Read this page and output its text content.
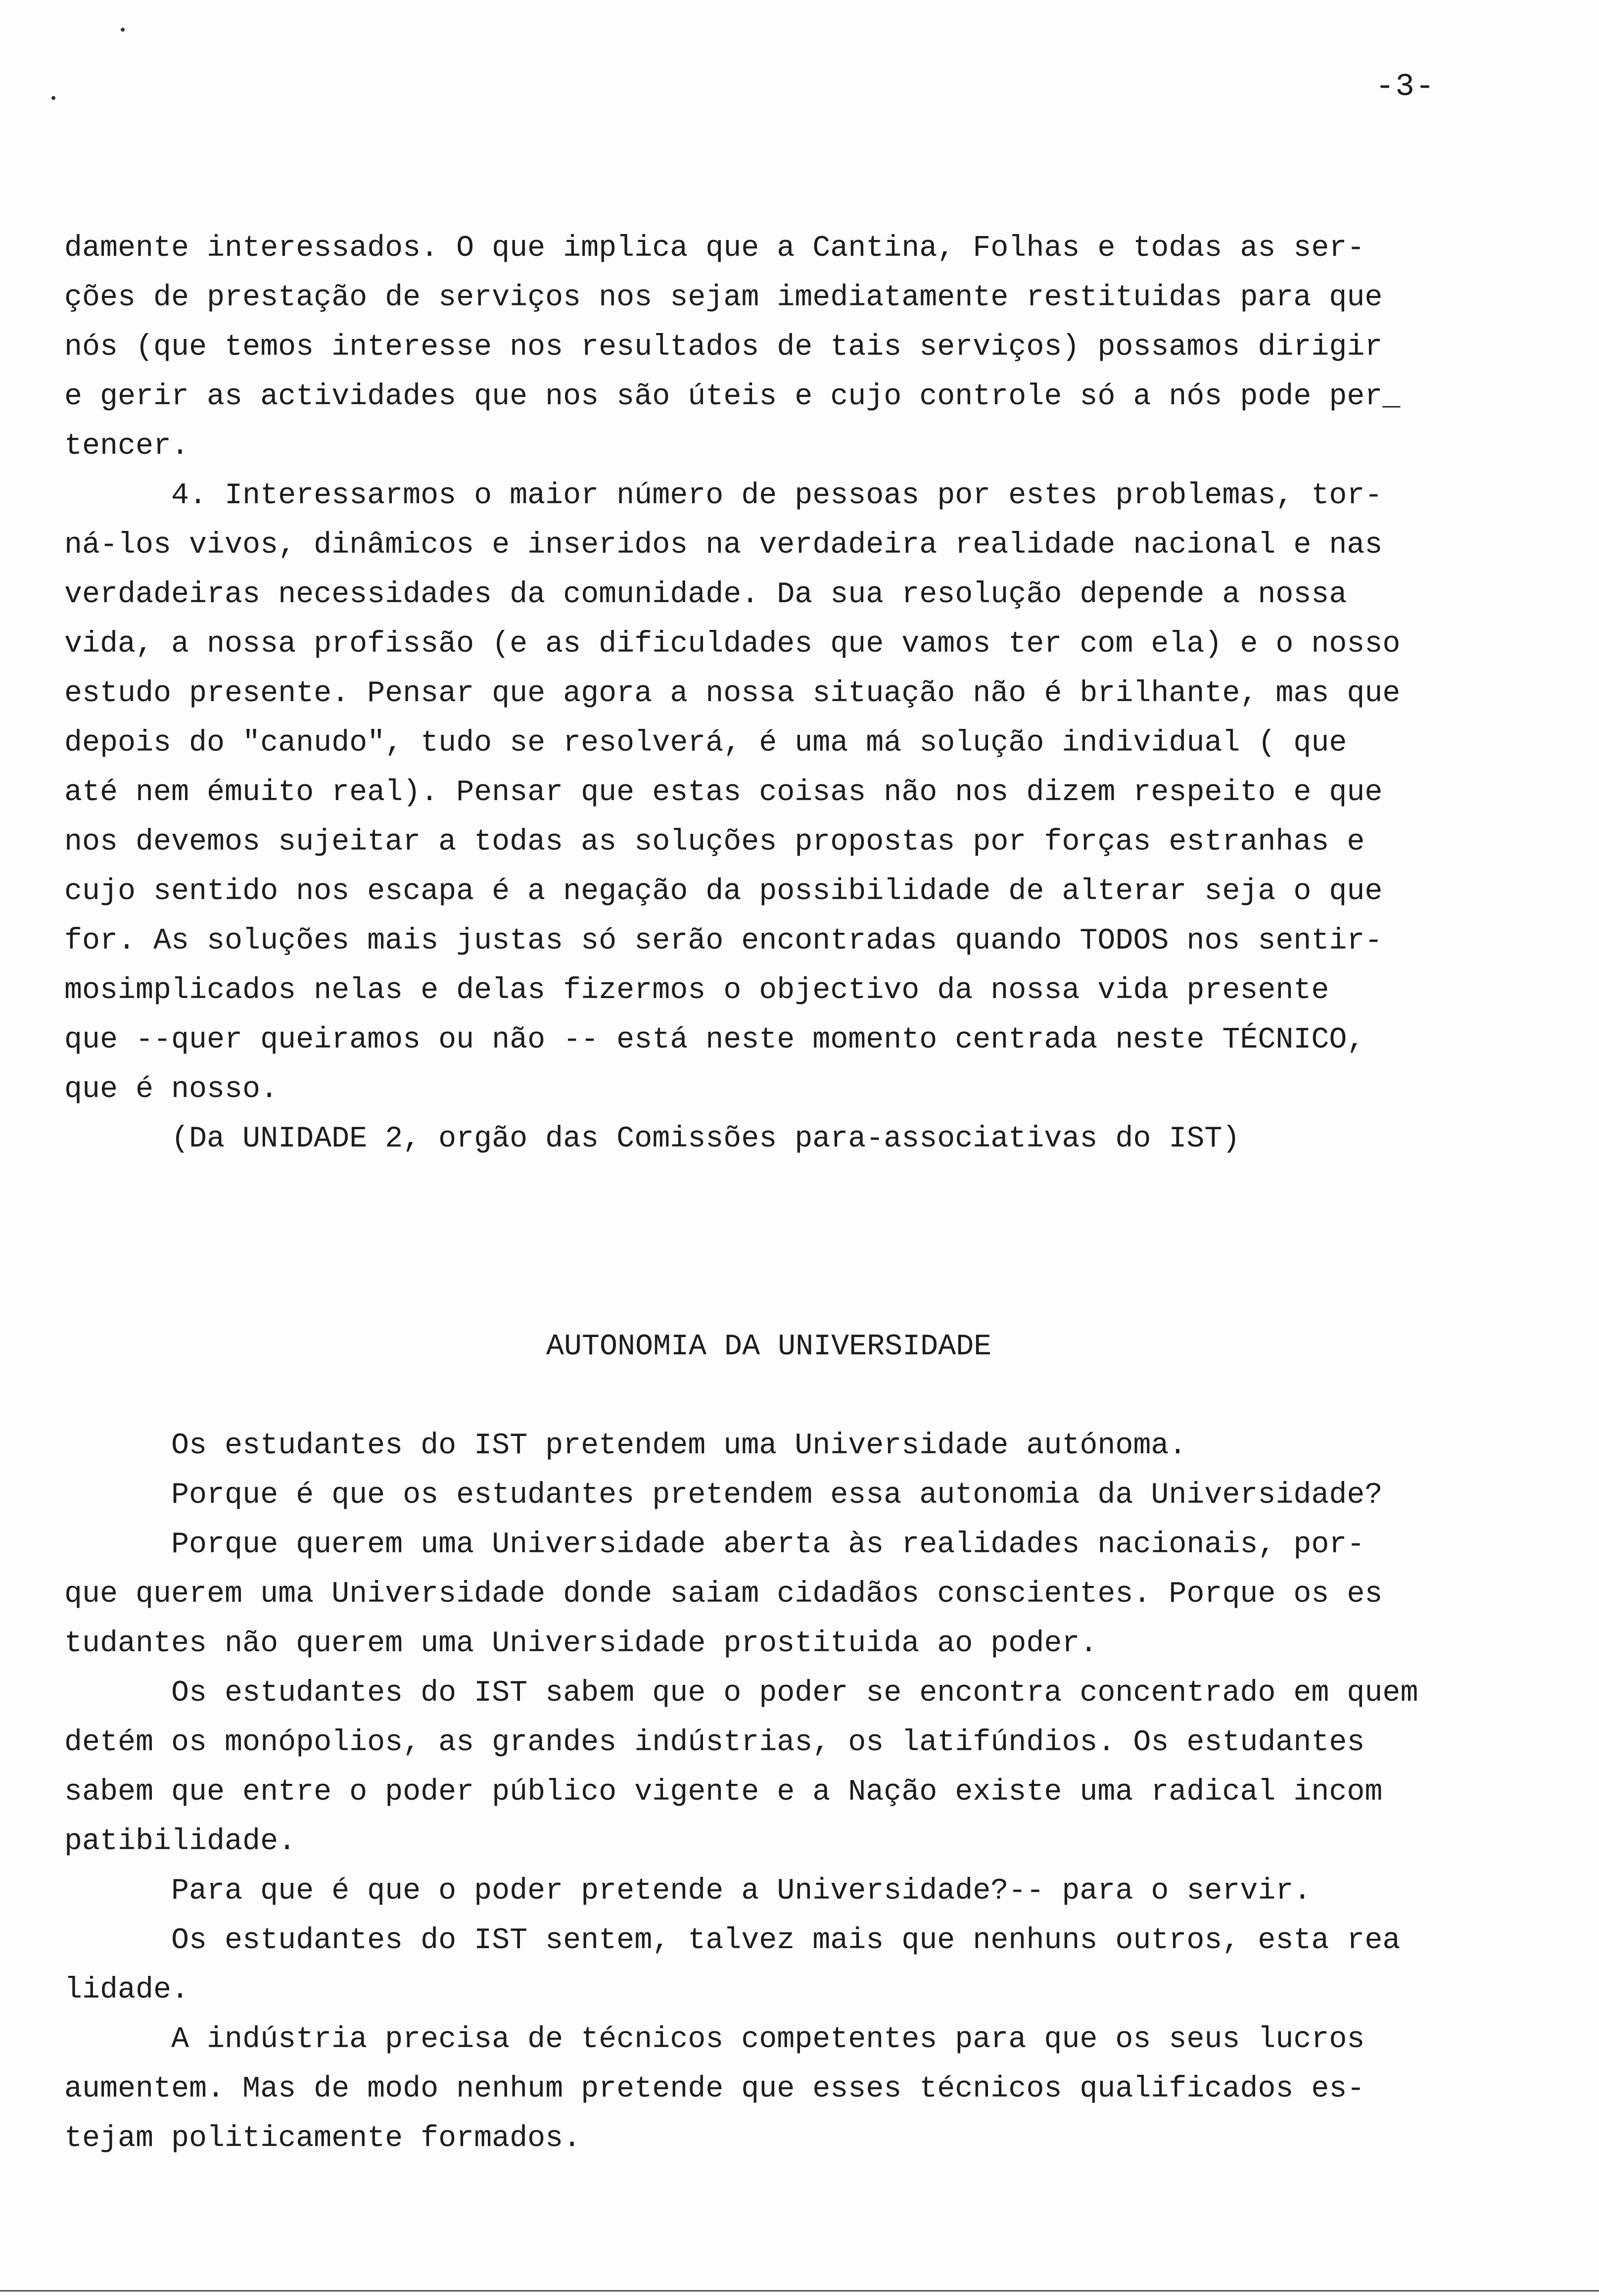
-3-
damente interessados. O que implica que a Cantina, Folhas e todas as ser-
ções de prestação de serviços nos sejam imediatamente restituidas para que
nós (que temos interesse nos resultados de tais serviços) possamos dirigir
e gerir as actividades que nos são úteis e cujo controle só a nós pode per_
tencer.
4. Interessarmos o maior número de pessoas por estes problemas, tor-
ná-los vivos, dinâmicos e inseridos na verdadeira realidade nacional e nas
verdadeiras necessidades da comunidade. Da sua resolução depende a nossa
vida, a nossa profissão (e as dificuldades que vamos ter com ela) e o nosso
estudo presente. Pensar que agora a nossa situação não é brilhante, mas que
depois do "canudo", tudo se resolverá, é uma má solução individual ( que
até nem émuito real). Pensar que estas coisas não nos dizem respeito e que
nos devemos sujeitar a todas as soluções propostas por forças estranhas e
cujo sentido nos escapa é a negação da possibilidade de alterar seja o que
for. As soluções mais justas só serão encontradas quando TODOS nos sentir-
mosimplicados nelas e delas fizermos o objectivo da nossa vida presente
que --quer queiramos ou não -- está neste momento centrada neste TÉCNICO,
que é nosso.
(Da UNIDADE 2, orgão das Comissões para-associativas do IST)
AUTONOMIA DA UNIVERSIDADE
Os estudantes do IST pretendem uma Universidade autónoma.
Porque é que os estudantes pretendem essa autonomia da Universidade?
Porque querem uma Universidade aberta às realidades nacionais, por-
que querem uma Universidade donde saiam cidadãos conscientes. Porque os es
tudantes não querem uma Universidade prostituida ao poder.
Os estudantes do IST sabem que o poder se encontra concentrado em quem
detém os monópolios, as grandes indústrias, os latifúndios. Os estudantes
sabem que entre o poder público vigente e a Nação existe uma radical incom
patibilidade.
Para que é que o poder pretende a Universidade?-- para o servir.
Os estudantes do IST sentem, talvez mais que nenhuns outros, esta rea
lidade.
A indústria precisa de técnicos competentes para que os seus lucros
aumentem. Mas de modo nenhum pretende que esses técnicos qualificados es-
tejam politicamente formados.
